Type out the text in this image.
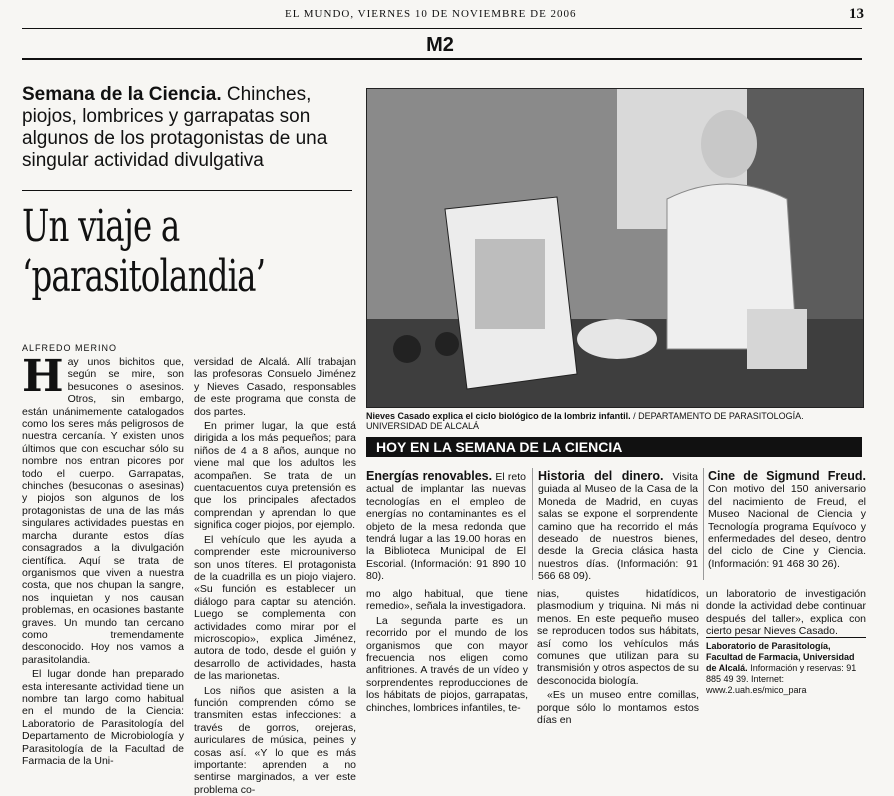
EL MUNDO, VIERNES 10 DE NOVIEMBRE DE 2006	13
M2
Semana de la Ciencia. Chinches, piojos, lombrices y garrapatas son algunos de los protagonistas de una singular actividad divulgativa
Un viaje a
‘parasitolandia’
ALFREDO MERINO
H ay unos bichitos que, según se mire, son besucones o asesinos. Otros, sin embargo, están unánimemente catalogados como los seres más peligrosos de nuestra cercanía. Y existen unos últimos que con escuchar sólo su nombre nos entran picores por todo el cuerpo. Garrapatas, chinches (besuconas o asesinas) y piojos son algunos de los protagonistas de una de las más singulares actividades puestas en marcha durante estos días consagrados a la divulgación científica. Aquí se trata de organismos que viven a nuestra costa, que nos chupan la sangre, nos inquietan y nos causan problemas, en ocasiones bastante graves. Un mundo tan cercano como tremendamente desconocido. Hoy nos vamos a parasitolandia.

El lugar donde han preparado esta interesante actividad tiene un nombre tan largo como habitual en el mundo de la Ciencia: Laboratorio de Parasitología del Departamento de Microbiología y Parasitología de la Facultad de Farmacia de la Uni-

versidad de Alcalá. Allí trabajan las profesoras Consuelo Jiménez y Nieves Casado, responsables de este programa que consta de dos partes.

En primer lugar, la que está dirigida a los más pequeños; para niños de 4 a 8 años, aunque no viene mal que los adultos les acompañen. Se trata de un cuentacuentos cuya pretensión es que los principales afectados comprendan y aprendan lo que significa coger piojos, por ejemplo.

El vehículo que les ayuda a comprender este microuniverso son unos títeres. El protagonista de la cuadrilla es un piojo viajero. «Su función es establecer un diálogo para captar su atención. Luego se complementa con actividades como mirar por el microscopio», explica Jiménez, autora de todo, desde el guión y desarrollo de actividades, hasta de las marionetas.

Los niños que asisten a la función comprenden cómo se transmiten estas infecciones: a través de gorros, orejeras, auriculares de música, peines y cosas así. «Y lo que es más importante: aprenden a no sentirse marginados, a ver este problema co-

Nieves Casado explica el ciclo biológico de la lombriz infantil. / DEPARTAMENTO DE PARASITOLOGÍA. UNIVERSIDAD DE ALCALÁ
HOY EN LA SEMANA DE LA CIENCIA
Energías renovables. El reto actual de implantar las nuevas tecnologías en el empleo de energías no contaminantes es el objeto de la mesa redonda que tendrá lugar a las 19.00 horas en la Biblioteca Municipal de El Escorial. (Información: 91 890 10 80).
Historia del dinero. Visita guiada al Museo de la Casa de la Moneda de Madrid, en cuyas salas se expone el sorprendente camino que ha recorrido el más deseado de nuestros bienes, desde la Grecia clásica hasta nuestros días. (Información: 91 566 68 09).
Cine de Sigmund Freud. Con motivo del 150 aniversario del nacimiento de Freud, el Museo Nacional de Ciencia y Tecnología programa Equívoco y enfermedades del deseo, dentro del ciclo de Cine y Ciencia. (Información: 91 468 30 26).

mo algo habitual, que tiene remedio», señala la investigadora.

La segunda parte es un recorrido por el mundo de los organismos que con mayor frecuencia nos eligen como anfitriones. A través de un vídeo y sorprendentes reproducciones de los hábitats de piojos, garrapatas, chinches, lombrices infantiles, te-

nias, quistes hidatídicos, plasmodium y triquina. Ni más ni menos. En este pequeño museo se reproducen todos sus hábitats, así como los vehículos más comunes que utilizan para su transmisión y otros aspectos de su desconocida biología.

«Es un museo entre comillas, porque sólo lo montamos estos días en

un laboratorio de investigación donde la actividad debe continuar después del taller», explica con cierto pesar Nieves Casado.

Laboratorio de Parasitología, Facultad de Farmacia, Universidad de Alcalá. Información y reservas: 91 885 49 39. Internet: www.2.uah.es/mico_para
